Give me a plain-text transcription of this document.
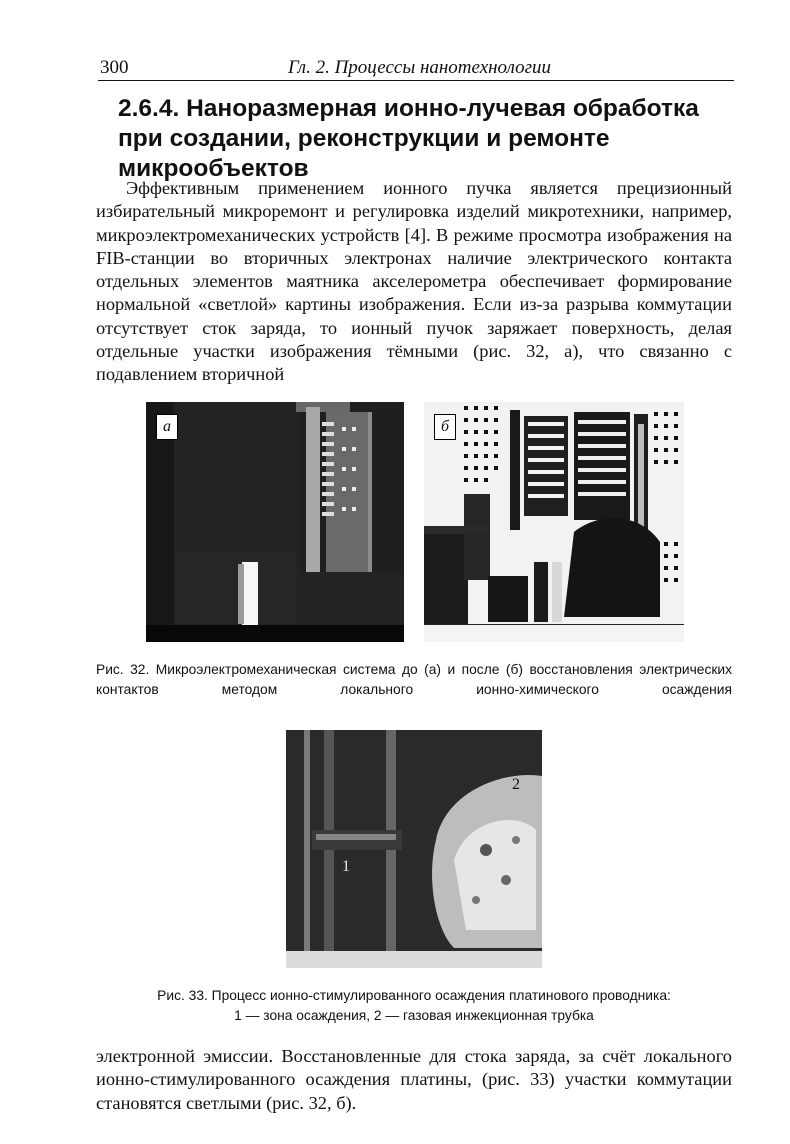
300	Гл. 2. Процессы нанотехнологии
2.6.4. Наноразмерная ионно-лучевая обработка при создании, реконструкции и ремонте микрообъектов

Эффективным применением ионного пучка является прецизионный избирательный микроремонт и регулировка изделий микротехники, например, микроэлектромеханических устройств [4]. В режиме просмотра изображения на FIB-станции во вторичных электронах наличие электрического контакта отдельных элементов маятника акселерометра обеспечивает формирование нормальной «светлой» картины изображения. Если из-за разрыва коммутации отсутствует сток заряда, то ионный пучок заряжает поверхность, делая отдельные участки изображения тёмными (рис. 32, а), что связанно с подавлением вторичной

а	б

Рис. 32. Микроэлектромеханическая система до (а) и после (б) восстановления электрических контактов методом локального ионно-химического осаждения

1
2

Рис. 33. Процесс ионно-стимулированного осаждения платинового проводника:
1 — зона осаждения, 2 — газовая инжекционная трубка

электронной эмиссии. Восстановленные для стока заряда, за счёт локального ионно-стимулированного осаждения платины, (рис. 33) участки коммутации становятся светлыми (рис. 32, б).
